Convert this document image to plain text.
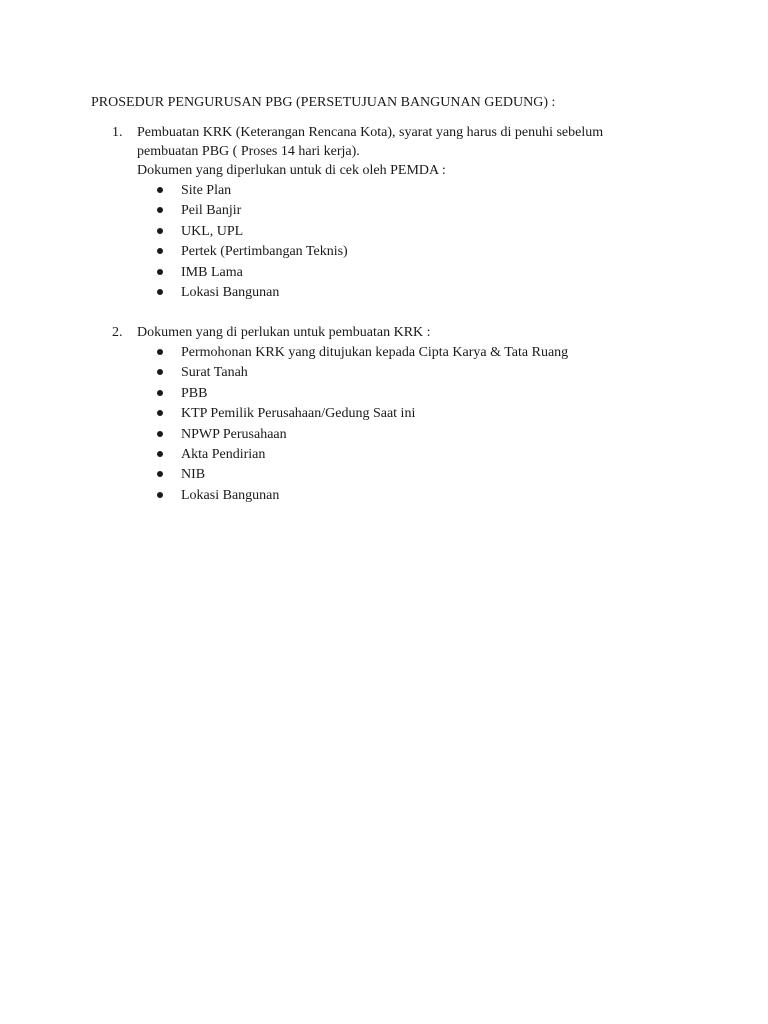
PROSEDUR PENGURUSAN PBG (PERSETUJUAN BANGUNAN GEDUNG) :
1. Pembuatan KRK (Keterangan Rencana Kota), syarat yang harus di penuhi sebelum
pembuatan PBG ( Proses 14 hari kerja).
Dokumen yang diperlukan untuk di cek oleh PEMDA :
Site Plan
Peil Banjir
UKL, UPL
Pertek (Pertimbangan Teknis)
IMB Lama
Lokasi Bangunan
2. Dokumen yang di perlukan untuk pembuatan KRK :
Permohonan KRK yang ditujukan kepada Cipta Karya & Tata Ruang
Surat Tanah
PBB
KTP Pemilik Perusahaan/Gedung Saat ini
NPWP Perusahaan
Akta Pendirian
NIB
Lokasi Bangunan
